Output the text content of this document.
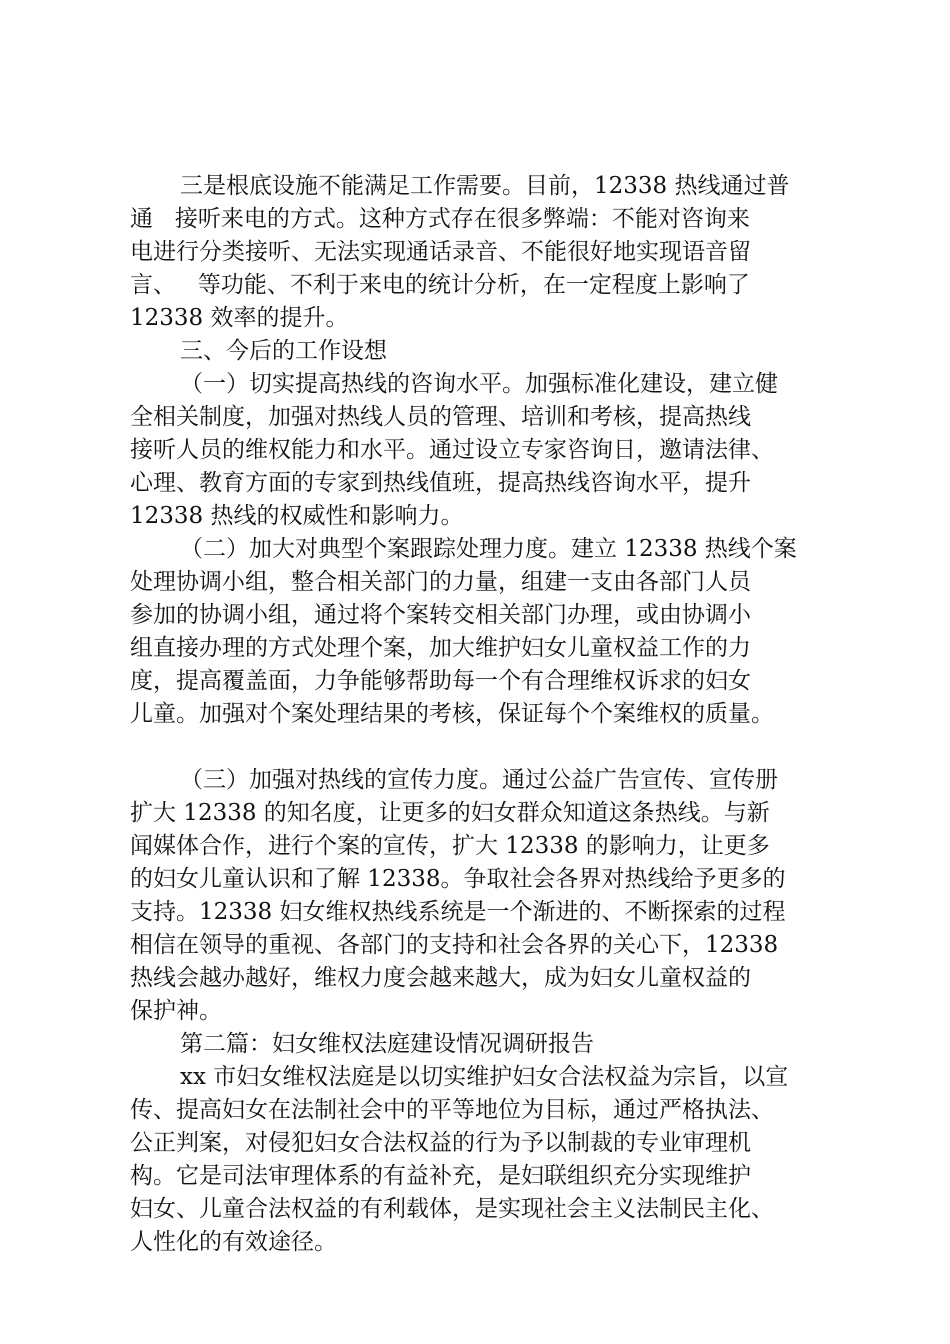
三是根底设施不能满足工作需要。目前，12338 热线通过普
通   接听来电的方式。这种方式存在很多弊端：不能对咨询来
电进行分类接听、无法实现通话录音、不能很好地实现语音留
言、   等功能、不利于来电的统计分析，在一定程度上影响了
12338 效率的提升。
三、今后的工作设想
（一）切实提高热线的咨询水平。加强标准化建设，建立健
全相关制度，加强对热线人员的管理、培训和考核，提高热线
接听人员的维权能力和水平。通过设立专家咨询日，邀请法律、
心理、教育方面的专家到热线值班，提高热线咨询水平，提升
12338 热线的权威性和影响力。
（二）加大对典型个案跟踪处理力度。建立 12338 热线个案
处理协调小组，整合相关部门的力量，组建一支由各部门人员
参加的协调小组，通过将个案转交相关部门办理，或由协调小
组直接办理的方式处理个案，加大维护妇女儿童权益工作的力
度，提高覆盖面，力争能够帮助每一个有合理维权诉求的妇女
儿童。加强对个案处理结果的考核，保证每个个案维权的质量。
（三）加强对热线的宣传力度。通过公益广告宣传、宣传册
扩大 12338 的知名度，让更多的妇女群众知道这条热线。与新
闻媒体合作，进行个案的宣传，扩大 12338 的影响力，让更多
的妇女儿童认识和了解 12338。争取社会各界对热线给予更多的
支持。12338 妇女维权热线系统是一个渐进的、不断探索的过程
相信在领导的重视、各部门的支持和社会各界的关心下，12338
热线会越办越好，维权力度会越来越大，成为妇女儿童权益的
保护神。
第二篇：妇女维权法庭建设情况调研报告
xx 市妇女维权法庭是以切实维护妇女合法权益为宗旨，以宣
传、提高妇女在法制社会中的平等地位为目标，通过严格执法、
公正判案，对侵犯妇女合法权益的行为予以制裁的专业审理机
构。它是司法审理体系的有益补充，是妇联组织充分实现维护
妇女、儿童合法权益的有利载体，是实现社会主义法制民主化、
人性化的有效途径。
